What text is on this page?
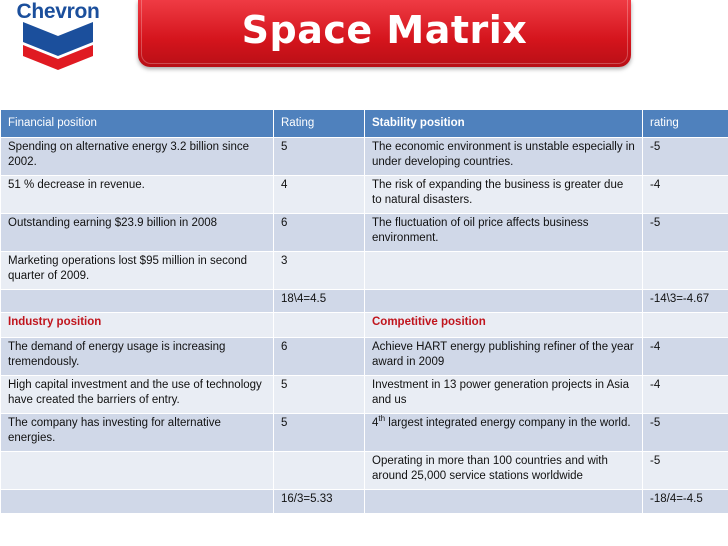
Chevron	Space Matrix
Financial position	Rating	Stability position	rating
Spending on alternative energy 3.2 billion since 2002.	5	The economic environment is unstable especially in under developing countries.	-5
51 % decrease in revenue.	4	The risk of expanding the business is greater due to natural disasters.	-4
Outstanding earning $23.9 billion in 2008	6	The fluctuation of oil price affects business environment.	-5
Marketing operations lost $95 million in second quarter of 2009.	3		
	18\4=4.5		-14\3=-4.67
Industry position		Competitive position	
The demand of energy usage is increasing tremendously.	6	Achieve HART energy publishing refiner of the year award in 2009	-4
High capital investment and the use of technology have created the barriers of entry.	5	Investment in 13 power generation projects in Asia and us	-4
The company has investing for alternative energies.	5	4th largest integrated energy company in the world.	-5
		Operating in more than 100 countries and with around 25,000 service stations worldwide	-5
	16/3=5.33		-18/4=-4.5
